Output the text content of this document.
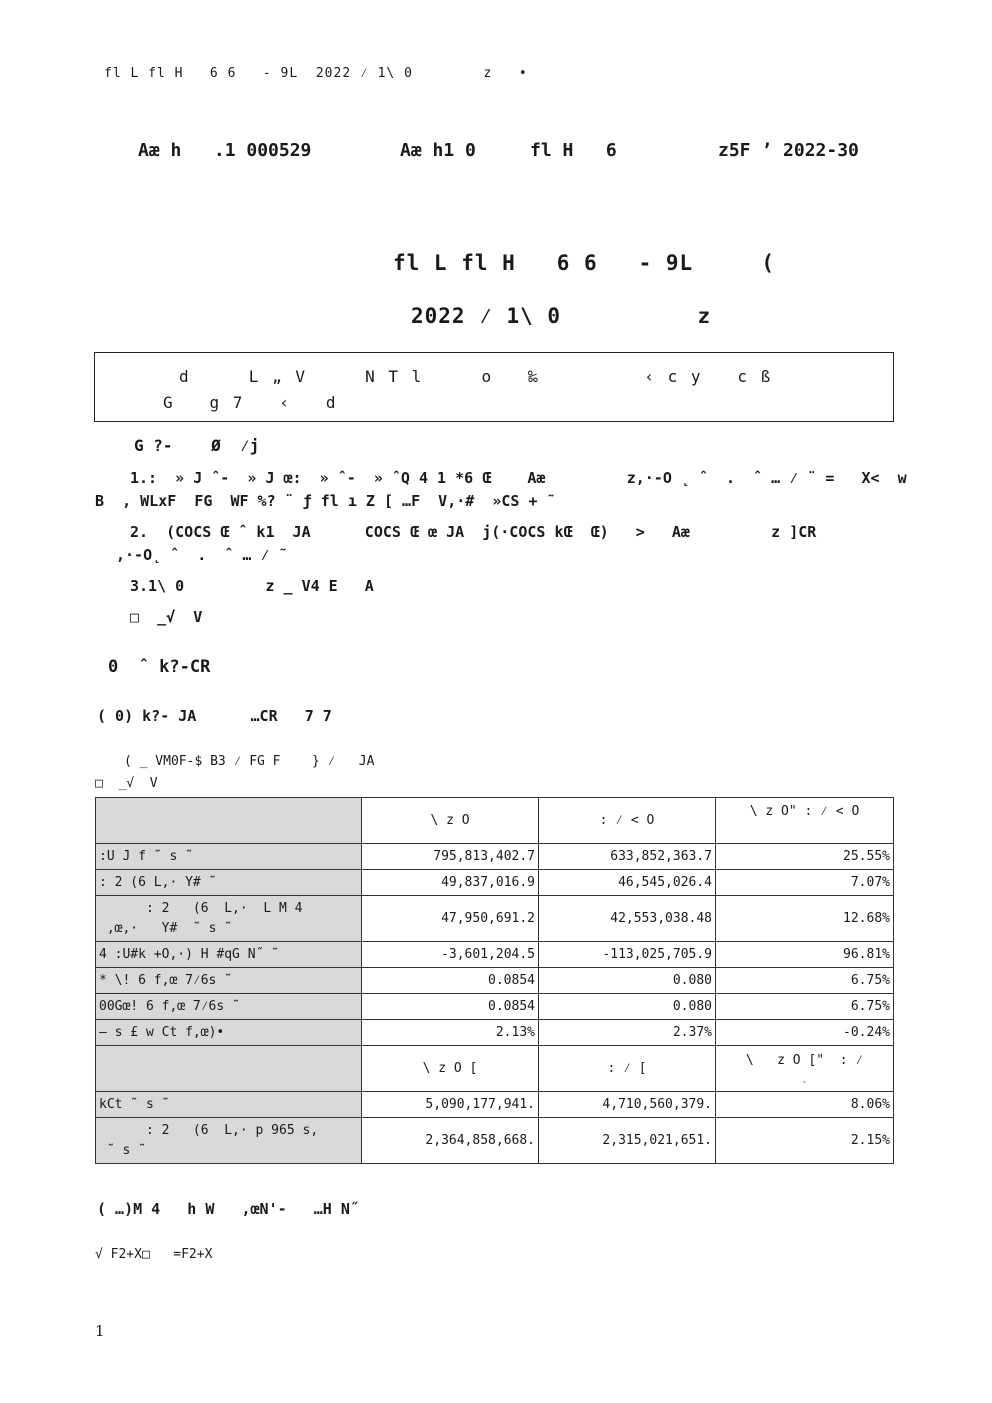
fl L fl H   6 6   - 9L  2022 ⁄ 1\ 0        z   •
Aæ h   .1 000529	Aæ h1 0     fl H   6	z5F ’ 2022-30
fl L fl H   6 6   - 9L     (
2022 ⁄ 1\ 0          z
d     L „ V     N T l     o   ‰         ‹ c y   c ß
G   g 7   ‹   d
G ?-    Ø  ⁄j
1.:  » J ˆ-  » J œ:  » ˆ-  » ˆQ 4 1 *6 Œ    Aæ         z,·-O ˛ ˆ  .  ˆ … ⁄ ¨ =   X<  w
B  , WLxF  FG  WF %? ¨ ƒ fl ı Z [ …F  V,·#  »CS + ˜
2.  (COCS Œ ˆ k1  JA      COCS Œ œ JA  j(·COCS kŒ  Œ)   >   Aæ         z ]CR
,·-O˛ ˆ  .  ˆ … ⁄ ˜
3.1\ 0         z _ V4 E   A
□  _√  V
0  ˆ k?-CR
( 0) k?- JA      …CR   7 7
( _ VM0F-$ B3 ⁄ FG F    } ⁄   JA
□  _√  V
	\ z O	: ⁄ < O	\ z O" : ⁄ < O
:U J f ˜ s ˜	795,813,402.7	633,852,363.7	25.55%
: 2 (6 L,· Y# ˜	49,837,016.9	46,545,026.4	7.07%

: 2   (6  L,·  L M 4
,œ,·   Y#  ˜ s ˜	47,950,691.2	42,553,038.48	12.68%
4 :U#k +O,·) H #qG N˝ ˜	-3,601,204.5	-113,025,705.9	96.81%
* \! 6 f,œ 7⁄6s ˜	0.0854	0.080	6.75%
00Gœ! 6 f,œ 7⁄6s ˜	0.0854	0.080	6.75%
— s £ w Ct f,œ)•	2.13%	2.37%	-0.24%
	\ z O [	: ⁄ [	\   z O ["  : ⁄
˛

kCt ˜ s ˜	5,090,177,941.	4,710,560,379.	8.06%

: 2   (6  L,· p 965 s,
˜ s ˜	2,364,858,668.	2,315,021,651.	2.15%
( …)M 4   h W   ,œN'-   …H N˝
√ F2+X□   =F2+X
1
